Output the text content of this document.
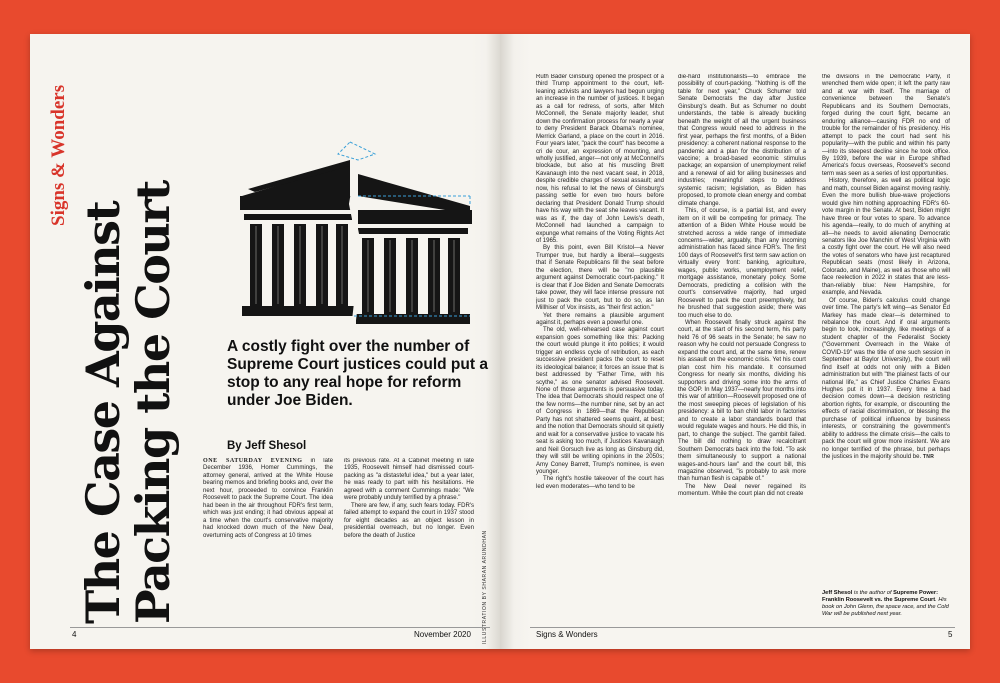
Signs & Wonders
The Case Against
Packing the Court	ILLUSTRATION BY SHARAN ARUNDHAN
A costly fight over the number of Supreme Court justices could put a stop to any real hope for reform under Joe Biden.
By Jeff Shesol

ONE SATURDAY EVENING in late December 1936, Homer Cummings, the attorney general, arrived at the White House bearing memos and briefing books and, over the next hour, proceeded to convince Franklin Roosevelt to pack the Supreme Court. The idea had been in the air throughout FDR's first term, which was just ending; it had obvious appeal at a time when the court's conservative majority had knocked down much of the New Deal, overturning acts of Congress at 10 times

its previous rate. At a Cabinet meeting in late 1935, Roosevelt himself had dismissed court-packing as "a distasteful idea," but a year later, he was ready to part with his hesitations. He agreed with a comment Cummings made: "We were probably unduly terrified by a phrase."

There are few, if any, such fears today. FDR's failed attempt to expand the court in 1937 stood for eight decades as an object lesson in presidential overreach, but no longer. Even before the death of Justice

4	November 2020

Ruth Bader Ginsburg opened the prospect of a third Trump appointment to the court, left-leaning activists and lawyers had begun urging an increase in the number of justices. It began as a call for redress, of sorts, after Mitch McConnell, the Senate majority leader, shut down the confirmation process for nearly a year to deny President Barack Obama's nominee, Merrick Garland, a place on the court in 2016. Four years later, "pack the court" has become a cri de cour, an expression of mounting, and wholly justified, anger—not only at McConnell's blockade, but also at his muscling Brett Kavanaugh into the next vacant seat, in 2018, despite credible charges of sexual assault; and now, his refusal to let the news of Ginsburg's passing settle for even two hours before declaring that President Donald Trump should have his way with the seat she leaves vacant. It was as if, the day of John Lewis's death, McConnell had launched a campaign to expunge what remains of the Voting Rights Act of 1965.

By this point, even Bill Kristol—a Never Trumper true, but hardly a liberal—suggests that if Senate Republicans fill the seat before the election, there will be "no plausible argument against Democratic court-packing." It is clear that if Joe Biden and Senate Democrats take power, they will face intense pressure not just to pack the court, but to do so, as Ian Millhiser of Vox insists, as "their first action."

Yet there remains a plausible argument against it, perhaps even a powerful one.

The old, well-rehearsed case against court expansion goes something like this: Packing the court would plunge it into politics; it would trigger an endless cycle of retribution, as each successive president packs the court to reset its ideological balance; it forces an issue that is best addressed by "Father Time, with his scythe," as one senator advised Roosevelt. None of those arguments is persuasive today. The idea that Democrats should respect one of the few norms—the number nine, set by an act of Congress in 1869—that the Republican Party has not shattered seems quaint, at best; and the notion that Democrats should sit quietly and wait for a conservative justice to vacate his seat is asking too much, if Justices Kavanaugh and Neil Gorsuch live as long as Ginsburg did, they will still be writing opinions in the 2050s; Amy Coney Barrett, Trump's nominee, is even younger.

The right's hostile takeover of the court has led even moderates—who tend to be

die-hard institutionalists—to embrace the possibility of court-packing. "Nothing is off the table for next year," Chuck Schumer told Senate Democrats the day after Justice Ginsburg's death. But as Schumer no doubt understands, the table is already buckling beneath the weight of all the urgent business that Congress would need to address in the first year, perhaps the first months, of a Biden presidency: a coherent national response to the pandemic and a plan for the distribution of a vaccine; a broad-based economic stimulus package; an expansion of unemployment relief and a renewal of aid for ailing businesses and industries; meaningful steps to address systemic racism; legislation, as Biden has proposed, to promote clean energy and combat climate change.

This, of course, is a partial list, and every item on it will be competing for primacy. The attention of a Biden White House would be stretched across a wide range of immediate concerns—wider, arguably, than any incoming administration has faced since FDR's. The first 100 days of Roosevelt's first term saw action on virtually every front: banking, agriculture, wages, public works, unemployment relief, mortgage assistance, monetary policy. Some Democrats, predicting a collision with the court's conservative majority, had urged Roosevelt to pack the court preemptively, but he brushed that suggestion aside; there was too much else to do.

When Roosevelt finally struck against the court, at the start of his second term, his party held 76 of 96 seats in the Senate; he saw no reason why he could not persuade Congress to expand the court and, at the same time, renew his assault on the economic crisis. Yet his court plan cost him his mandate. It consumed Congress for nearly six months, dividing his supporters and driving some into the arms of the GOP. In May 1937—nearly four months into this war of attrition—Roosevelt proposed one of the most sweeping pieces of legislation of his presidency: a bill to ban child labor in factories and to create a labor standards board that would regulate wages and hours. He did this, in part, to change the subject. The gambit failed. The bill did nothing to draw recalcitrant Southern Democrats back into the fold. "To ask them simultaneously to support a national wages-and-hours law" and the court bill, this magazine observed, "is probably to ask more than human flesh is capable of."

The New Deal never regained its momentum. While the court plan did not create

the divisions in the Democratic Party, it wrenched them wide open; it left the party raw and at war with itself. The marriage of convenience between the Senate's Republicans and its Southern Democrats, forged during the court fight, became an enduring alliance—causing FDR no end of trouble for the remainder of his presidency. His attempt to pack the court had sent his popularity—with the public and within his party—into its steepest decline since he took office. By 1939, before the war in Europe shifted America's focus overseas, Roosevelt's second term was seen as a series of lost opportunities.

History, therefore, as well as political logic and math, counsel Biden against moving rashly. Even the more bullish blue-wave projections would give him nothing approaching FDR's 60-vote margin in the Senate. At best, Biden might have three or four votes to spare. To advance his agenda—really, to do much of anything at all—he needs to avoid alienating Democratic senators like Joe Manchin of West Virginia with a costly fight over the court. He will also need the votes of senators who have just recaptured Republican seats (most likely in Arizona, Colorado, and Maine), as well as those who will face reelection in 2022 in states that are less-than-reliably blue: New Hampshire, for example, and Nevada.

Of course, Biden's calculus could change over time. The party's left wing—as Senator Ed Markey has made clear—is determined to rebalance the court. And if oral arguments begin to look, increasingly, like meetings of a student chapter of the Federalist Society ("Government Overreach in the Wake of COVID-19" was the title of one such session in September at Baylor University), the court will find itself at odds not only with a Biden administration but with "the plainest facts of our national life," as Chief Justice Charles Evans Hughes put it in 1937. Every time a bad decision comes down—a decision restricting abortion rights, for example, or discounting the effects of racial discrimination, or blessing the purchase of political influence by business interests, or constraining the government's ability to address the climate crisis—the calls to pack the court will grow more insistent. We are no longer terrified of the phrase, but perhaps the justices in the majority should be. TNR

Jeff Shesol is the author of Supreme Power: Franklin Roosevelt vs. the Supreme Court. His book on John Glenn, the space race, and the Cold War will be published next year.
Signs & Wonders	5
